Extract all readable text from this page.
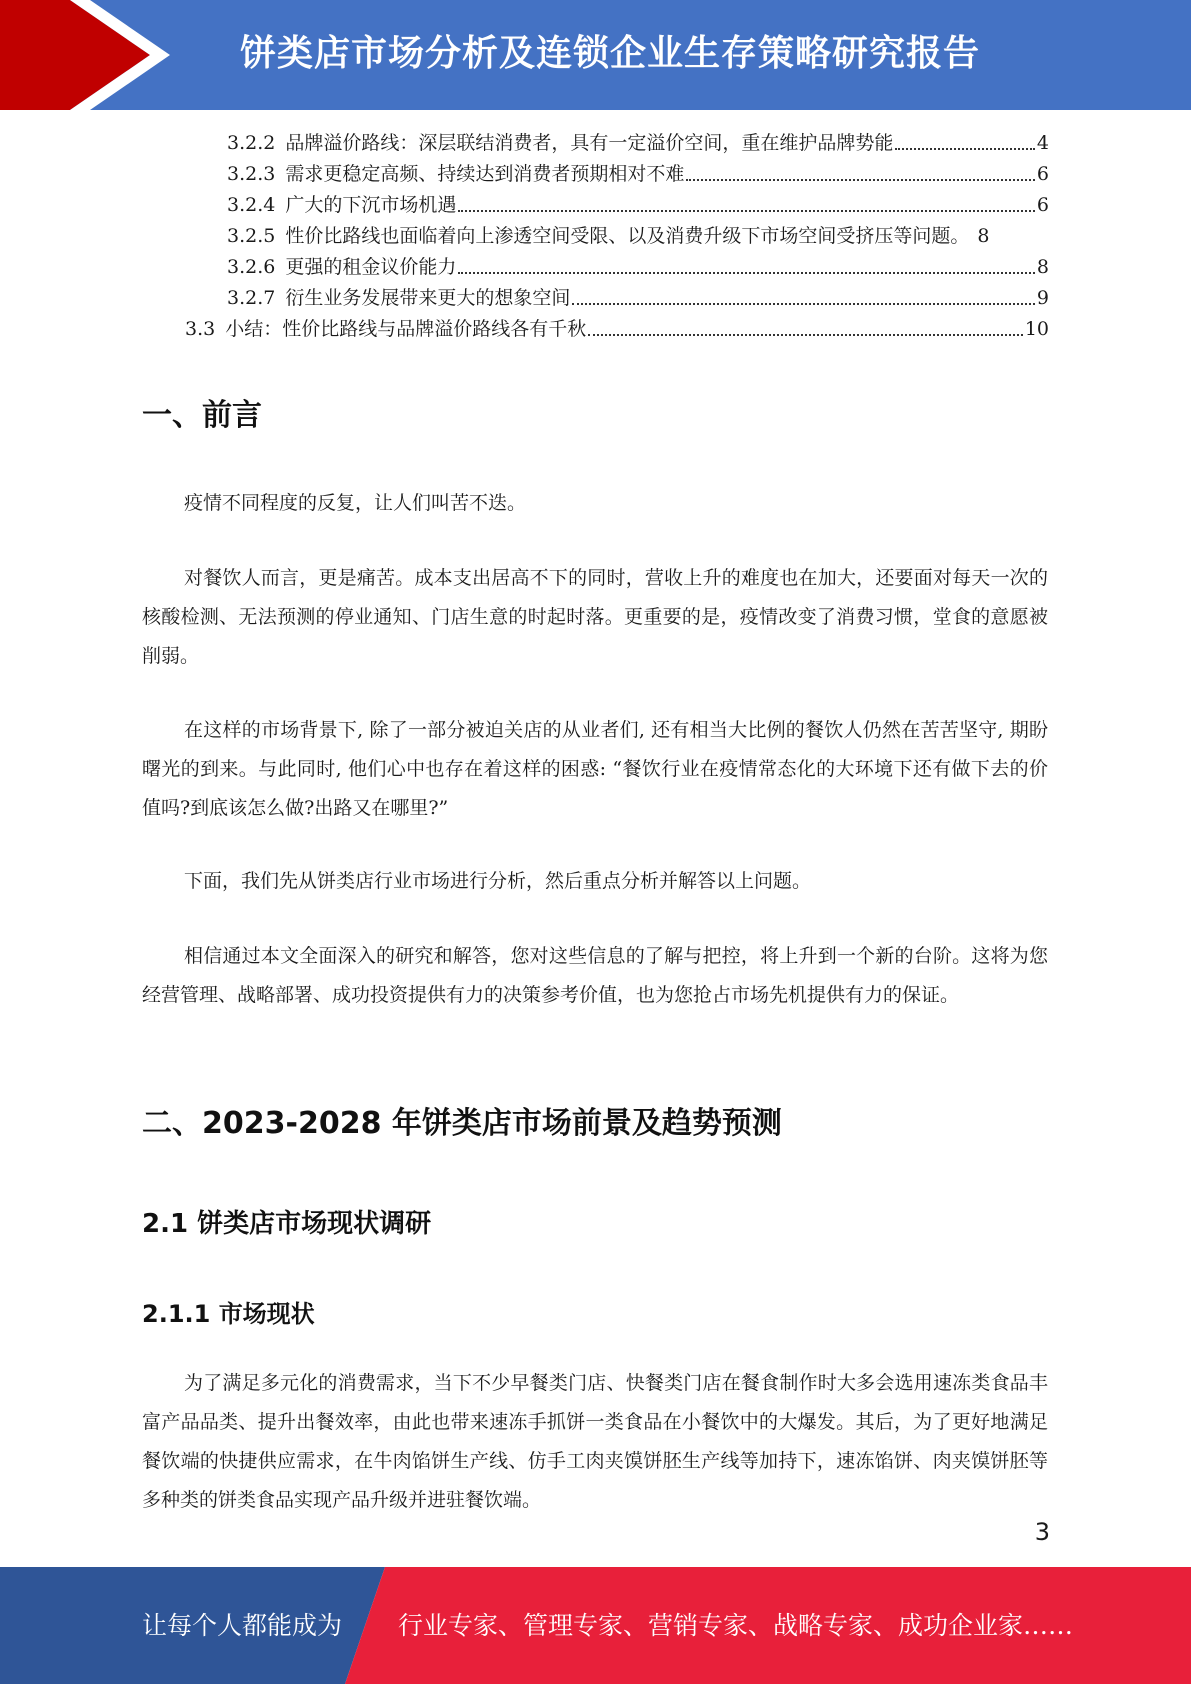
饼类店市场分析及连锁企业生存策略研究报告
3.2.2 品牌溢价路线：深层联结消费者，具有一定溢价空间，重在维护品牌势能	4
3.2.3 需求更稳定高频、持续达到消费者预期相对不难	6
3.2.4 广大的下沉市场机遇	6
3.2.5 性价比路线也面临着向上渗透空间受限、以及消费升级下市场空间受挤压等问题。 8
3.2.6 更强的租金议价能力	8
3.2.7 衍生业务发展带来更大的想象空间	9
3.3 小结：性价比路线与品牌溢价路线各有千秋	10
一、前言

疫情不同程度的反复，让人们叫苦不迭。

对餐饮人而言，更是痛苦。成本支出居高不下的同时，营收上升的难度也在加大，还要面对每天一次的核酸检测、无法预测的停业通知、门店生意的时起时落。更重要的是，疫情改变了消费习惯，堂食的意愿被削弱。

在这样的市场背景下, 除了一部分被迫关店的从业者们, 还有相当大比例的餐饮人仍然在苦苦坚守, 期盼曙光的到来。与此同时, 他们心中也存在着这样的困惑: “餐饮行业在疫情常态化的大环境下还有做下去的价值吗?到底该怎么做?出路又在哪里?”

下面，我们先从饼类店行业市场进行分析，然后重点分析并解答以上问题。

相信通过本文全面深入的研究和解答，您对这些信息的了解与把控，将上升到一个新的台阶。这将为您经营管理、战略部署、成功投资提供有力的决策参考价值，也为您抢占市场先机提供有力的保证。

二、2023-2028 年饼类店市场前景及趋势预测
2.1 饼类店市场现状调研
2.1.1 市场现状

为了满足多元化的消费需求，当下不少早餐类门店、快餐类门店在餐食制作时大多会选用速冻类食品丰富产品品类、提升出餐效率，由此也带来速冻手抓饼一类食品在小餐饮中的大爆发。其后，为了更好地满足餐饮端的快捷供应需求，在牛肉馅饼生产线、仿手工肉夹馍饼胚生产线等加持下，速冻馅饼、肉夹馍饼胚等多种类的饼类食品实现产品升级并进驻餐饮端。

3
让每个人都能成为 行业专家、管理专家、营销专家、战略专家、成功企业家……
